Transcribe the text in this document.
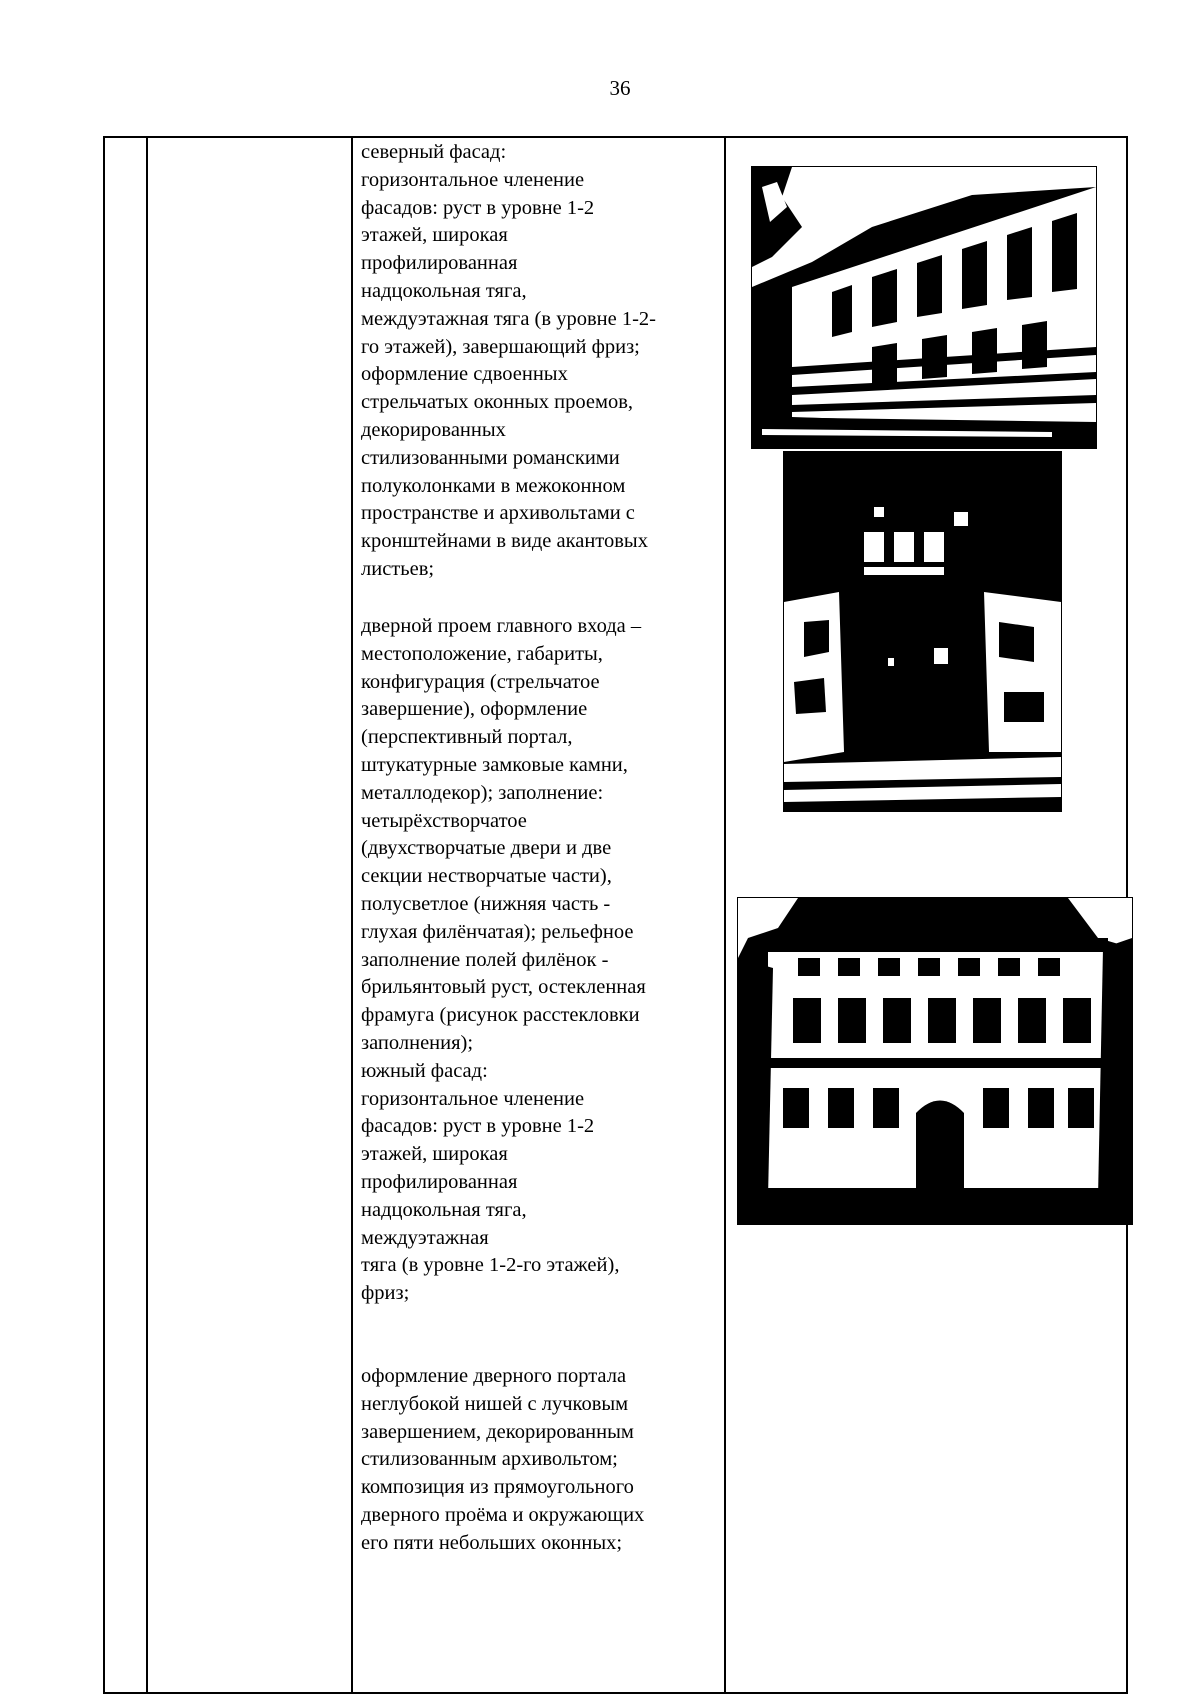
36

северный фасад:

горизонтальное членение

фасадов: руст в уровне 1-2

этажей, широкая

профилированная

надцокольная тяга,

междуэтажная тяга (в уровне 1-2-

го этажей), завершающий фриз;

оформление сдвоенных

стрельчатых оконных проемов,

декорированных

стилизованными романскими

полуколонками в межоконном

пространстве и архивольтами с

кронштейнами в виде акантовых

листьев;

дверной проем главного входа –

местоположение, габариты,

конфигурация (стрельчатое

завершение), оформление

(перспективный портал,

штукатурные замковые камни,

металлодекор); заполнение:

четырёхстворчатое

(двухстворчатые двери и две

секции нестворчатые части),

полусветлое (нижняя часть -

глухая филёнчатая); рельефное

заполнение полей филёнок -

брильянтовый руст, остекленная

фрамуга (рисунок расстекловки

заполнения);

южный фасад:

горизонтальное членение

фасадов: руст в уровне 1-2

этажей, широкая

профилированная

надцокольная тяга,

междуэтажная

тяга (в уровне 1-2-го этажей),

фриз;

оформление дверного портала

неглубокой нишей с лучковым

завершением, декорированным

стилизованным архивольтом;

композиция из прямоугольного

дверного проёма и окружающих

его пяти небольших оконных;
